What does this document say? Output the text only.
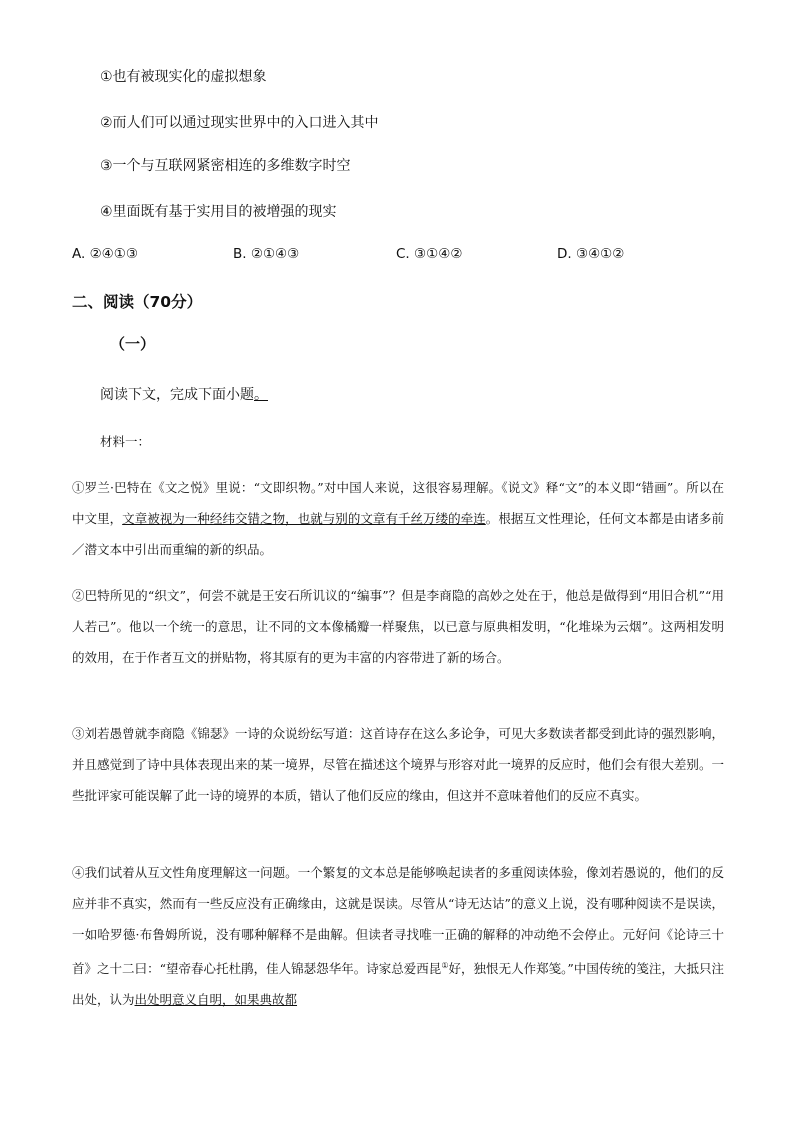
①也有被现实化的虚拟想象
②而人们可以通过现实世界中的入口进入其中
③一个与互联网紧密相连的多维数字时空
④里面既有基于实用目的被增强的现实
A. ②④①③	B. ②①④③	C. ③①④②	D. ③④①②
二、阅读（70分）
（一）
阅读下文，完成下面小题。
材料一：

①罗兰·巴特在《文之悦》里说：“文即织物。”对中国人来说，这很容易理解。《说文》释“文”的本义即“错画”。所以在中文里，文章被视为一种经纬交错之物，也就与别的文章有千丝万缕的牵连。根据互文性理论，任何文本都是由诸多前／潜文本中引出而重编的新的织品。

②巴特所见的“织文”，何尝不就是王安石所讥议的“编事”？但是李商隐的高妙之处在于，他总是做得到“用旧合机”“用人若己”。他以一个统一的意思，让不同的文本像橘瓣一样聚焦，以已意与原典相发明，“化堆垛为云烟”。这两相发明的效用，在于作者互文的拼贴物，将其原有的更为丰富的内容带进了新的场合。

③刘若愚曾就李商隐《锦瑟》一诗的众说纷纭写道：这首诗存在这么多论争，可见大多数读者都受到此诗的强烈影响，并且感觉到了诗中具体表现出来的某一境界，尽管在描述这个境界与形容对此一境界的反应时，他们会有很大差别。一些批评家可能误解了此一诗的境界的本质，错认了他们反应的缘由，但这并不意味着他们的反应不真实。

④我们试着从互文性角度理解这一问题。一个繁复的文本总是能够唤起读者的多重阅读体验，像刘若愚说的，他们的反应并非不真实，然而有一些反应没有正确缘由，这就是误读。尽管从“诗无达诂”的意义上说，没有哪种阅读不是误读，一如哈罗德·布鲁姆所说，没有哪种解释不是曲解。但读者寻找唯一正确的解释的冲动绝不会停止。元好问《论诗三十首》之十二曰：“望帝春心托杜鹃，佳人锦瑟怨华年。诗家总爱西昆①好，独恨无人作郑笺。”中国传统的笺注，大抵只注出处，认为出处明意义自明，如果典故都
